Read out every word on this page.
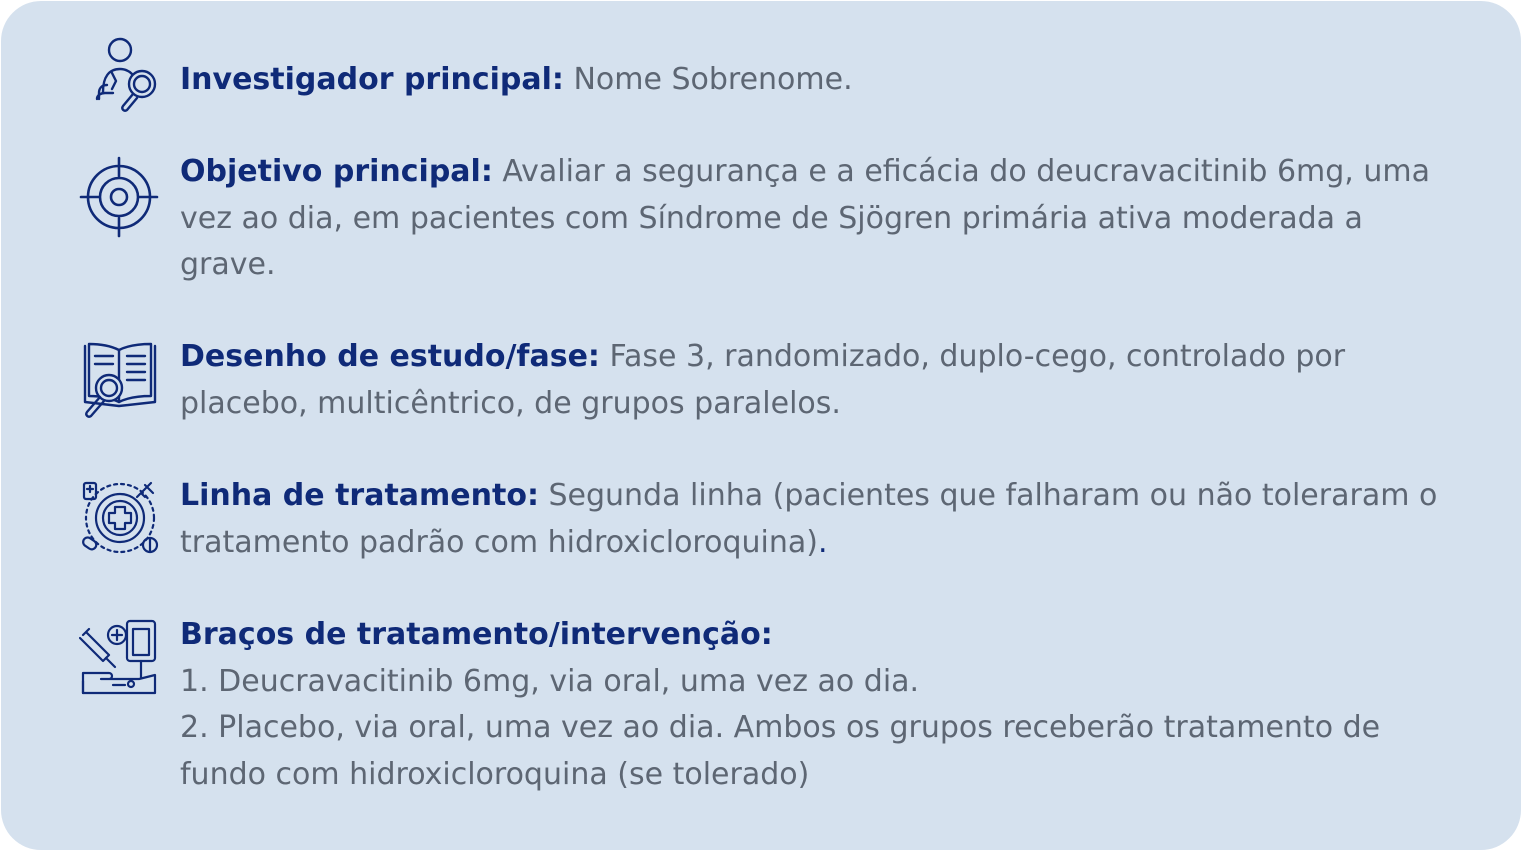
Investigador principal: Nome Sobrenome.
Objetivo principal: Avaliar a segurança e a eficácia do deucravacitinib 6mg, uma vez ao dia, em pacientes com Síndrome de Sjögren primária ativa moderada a grave.
Desenho de estudo/fase: Fase 3, randomizado, duplo-cego, controlado por placebo, multicêntrico, de grupos paralelos.
Linha de tratamento: Segunda linha (pacientes que falharam ou não toleraram o tratamento padrão com hidroxicloroquina).
Braços de tratamento/intervenção:
1. Deucravacitinib 6mg, via oral, uma vez ao dia.
2. Placebo, via oral, uma vez ao dia. Ambos os grupos receberão tratamento de fundo com hidroxicloroquina (se tolerado)
